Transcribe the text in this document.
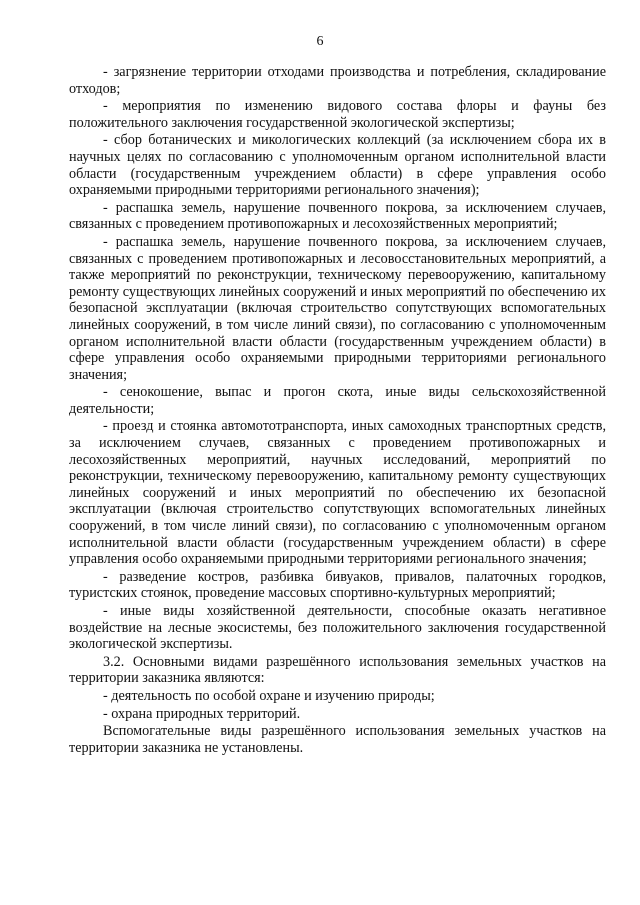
6

- загрязнение территории отходами производства и потребления, складирование отходов;

- мероприятия по изменению видового состава флоры и фауны без положительного заключения государственной экологической экспертизы;

- сбор ботанических и микологических коллекций (за исключением сбора их в научных целях по согласованию с уполномоченным органом исполнительной власти области (государственным учреждением области) в сфере управления особо охраняемыми природными территориями регионального значения);

- распашка земель, нарушение почвенного покрова, за исключением случаев, связанных с проведением противопожарных и лесохозяйственных мероприятий;

- распашка земель, нарушение почвенного покрова, за исключением случаев, связанных с проведением противопожарных и лесовосстановительных мероприятий, а также мероприятий по реконструкции, техническому перевооружению, капитальному ремонту существующих линейных сооружений и иных мероприятий по обеспечению их безопасной эксплуатации (включая строительство сопутствующих вспомогательных линейных сооружений, в том числе линий связи), по согласованию с уполномоченным органом исполнительной власти области (государственным учреждением области) в сфере управления особо охраняемыми природными территориями регионального значения;

- сенокошение, выпас и прогон скота, иные виды сельскохозяйственной деятельности;

- проезд и стоянка автомототранспорта, иных самоходных транспортных средств, за исключением случаев, связанных с проведением противопожарных и лесохозяйственных мероприятий, научных исследований, мероприятий по реконструкции, техническому перевооружению, капитальному ремонту существующих линейных сооружений и иных мероприятий по обеспечению их безопасной эксплуатации (включая строительство сопутствующих вспомогательных линейных сооружений, в том числе линий связи), по согласованию с уполномоченным органом исполнительной власти области (государственным учреждением области) в сфере управления особо охраняемыми природными территориями регионального значения;

- разведение костров, разбивка бивуаков, привалов, палаточных городков, туристских стоянок, проведение массовых спортивно-культурных мероприятий;

- иные виды хозяйственной деятельности, способные оказать негативное воздействие на лесные экосистемы, без положительного заключения государственной экологической экспертизы.

3.2. Основными видами разрешённого использования земельных участков на территории заказника являются:

- деятельность по особой охране и изучению природы;

- охрана природных территорий.

Вспомогательные виды разрешённого использования земельных участков на территории заказника не установлены.
